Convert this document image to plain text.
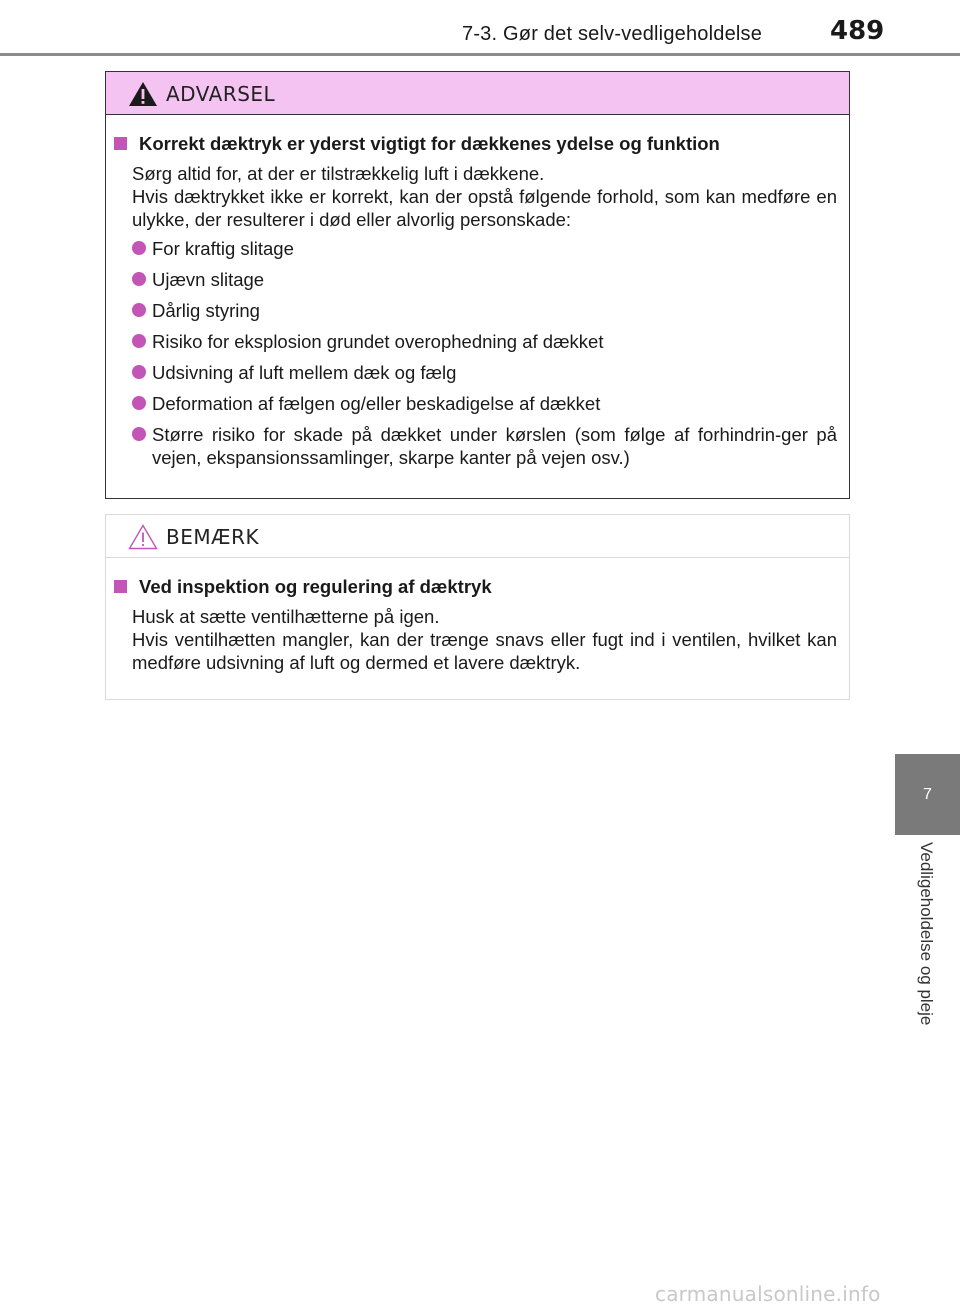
7-3. Gør det selv-vedligeholdelse	489
7
Vedligeholdelse og pleje
ADVARSEL
Korrekt dæktryk er yderst vigtigt for dækkenes ydelse og funktion
Sørg altid for, at der er tilstrækkelig luft i dækkene.
Hvis dæktrykket ikke er korrekt, kan der opstå følgende forhold, som kan medføre en ulykke, der resulterer i død eller alvorlig personskade:
For kraftig slitage
Ujævn slitage
Dårlig styring
Risiko for eksplosion grundet overophedning af dækket
Udsivning af luft mellem dæk og fælg
Deformation af fælgen og/eller beskadigelse af dækket
Større risiko for skade på dækket under kørslen (som følge af forhindrin-ger på vejen, ekspansionssamlinger, skarpe kanter på vejen osv.)
BEMÆRK
Ved inspektion og regulering af dæktryk
Husk at sætte ventilhætterne på igen.
Hvis ventilhætten mangler, kan der trænge snavs eller fugt ind i ventilen, hvilket kan medføre udsivning af luft og dermed et lavere dæktryk.
carmanualsonline.info
